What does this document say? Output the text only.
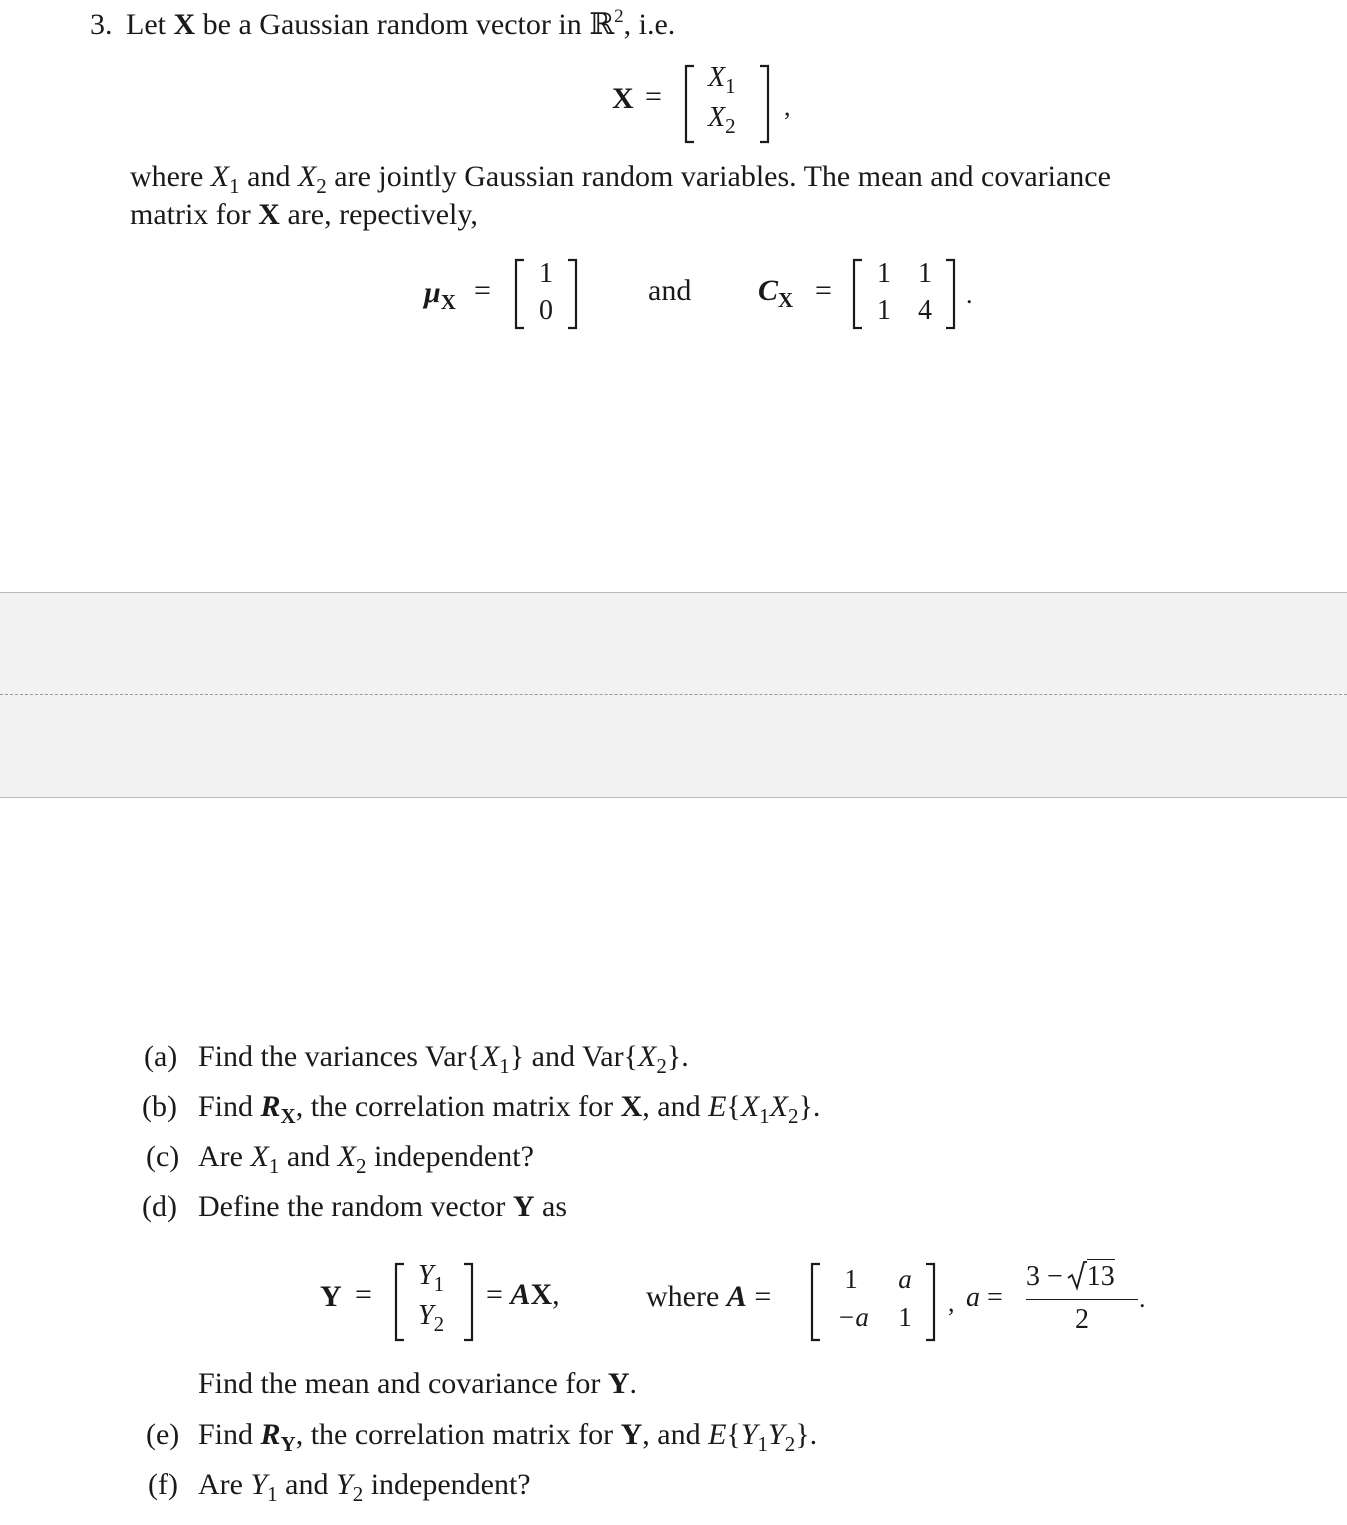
3. Let X be a Gaussian random vector in ℝ$^2$, i.e.
X =
$X_1$
$X_2$
,
where $X_1$ and $X_2$ are jointly Gaussian random variables. The mean and covariance
matrix for X are, repectively,
$\mu_X$ =
1
0
and $C_X$ =
1 1
1 4
.
(a) Find the variances $Var\{X_1\}$ and $Var\{X_2\}$.
(b) Find $R_X$, the correlation matrix for X, and $E\{X_1X_2\}$.
(c) Are $X_1$ and $X_2$ independent?
(d) Define the random vector Y as
Y =
$Y_1$
$Y_2$
= AX,	where A =
1	a
−a	1	, a =
3 − 13
2
.
Find the mean and covariance for Y.
(e) Find $R_Y$, the correlation matrix for Y, and $E\{Y_1Y_2\}$.
(f) Are $Y_1$ and $Y_2$ independent?
